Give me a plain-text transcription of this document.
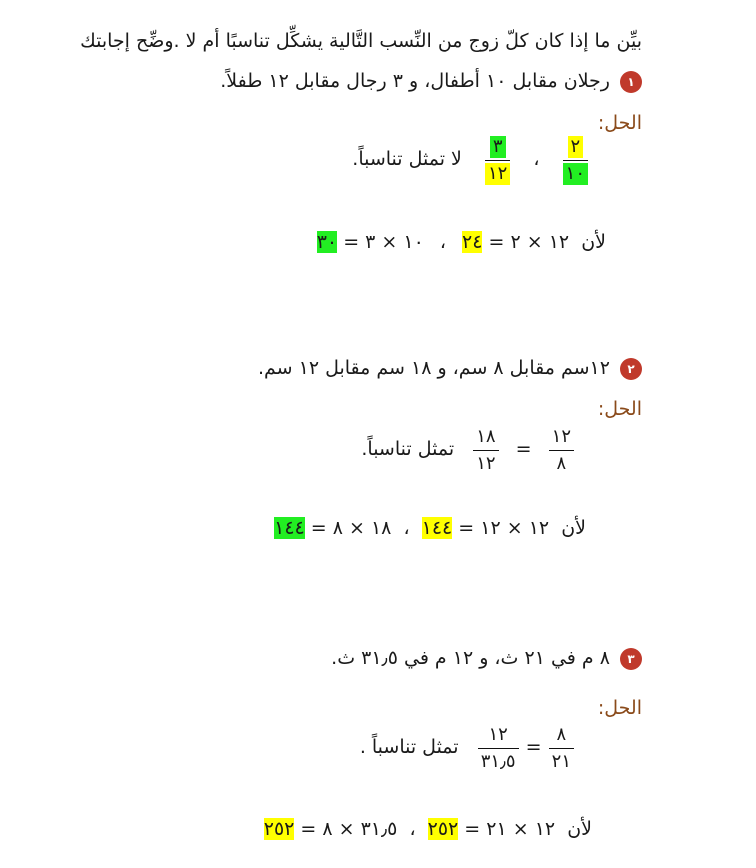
بيِّن ما إذا كان كلّ زوج من النِّسب التَّالية يشكِّل تناسبًا أم لا .وضِّح إجابتك
١ رجلان مقابل ١٠ أطفال، و ٣ رجال مقابل ١٢ طفلاً.
الحل:
$\frac{٢}{١٠}$
،
$\frac{٣}{١٢}$
لا تمثل تناسباً.
لأن  ١٢ × ٢ = ٢٤ ، ١٠ × ٣ = ٣٠
٢ ١٢سم مقابل ٨ سم، و ١٨ سم مقابل ١٢ سم.
الحل:
$\frac{١٢}{٨}$
=
$\frac{١٨}{١٢}$
تمثل تناسباً.
لأن  ١٢ × ١٢ = ١٤٤ ، ١٨ × ٨ = ١٤٤
٣ ٨ م في ٢١ ث، و ١٢ م في ٣١٫٥ ث.
الحل:
$\frac{٨}{٢١}$
=
$\frac{١٢}{٣١٫٥}$
تمثل تناسباً .
لأن  ١٢ × ٢١ = ٢٥٢ ، ٣١٫٥ × ٨ = ٢٥٢
